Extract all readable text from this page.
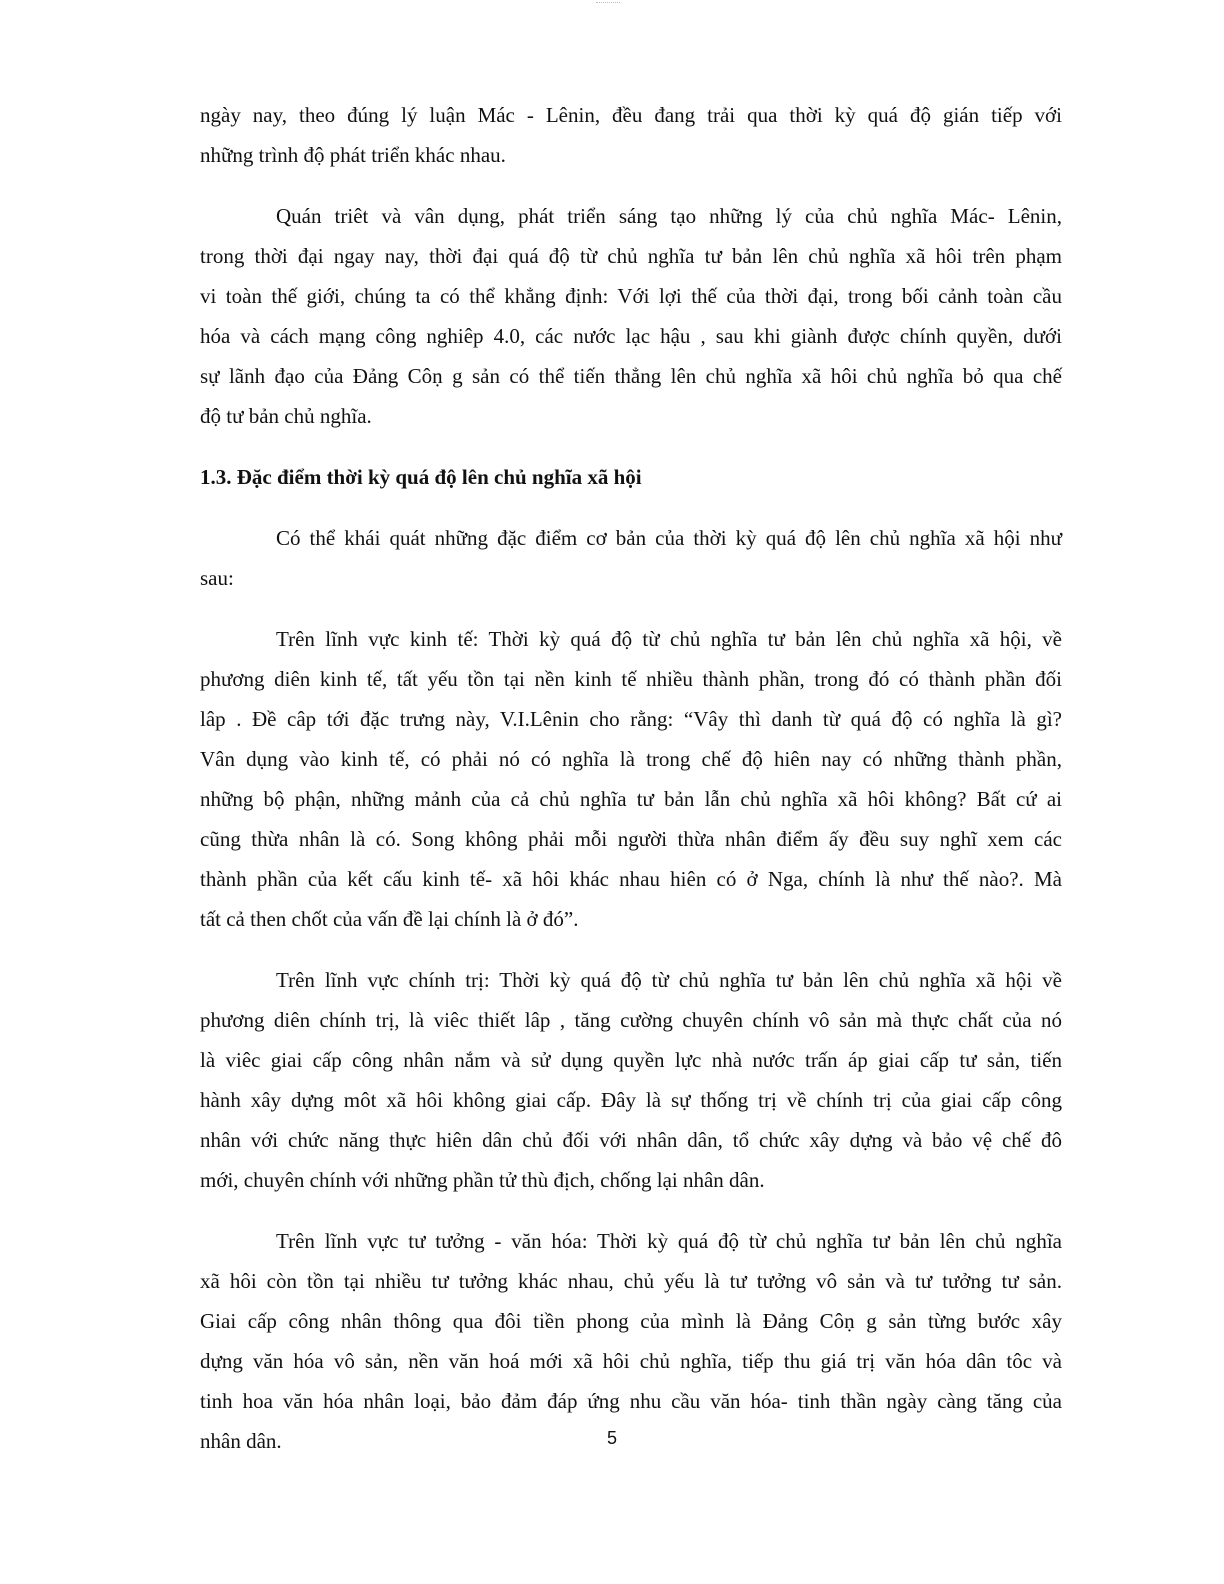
ngày nay, theo đúng lý luận Mác - Lênin, đều đang trải qua thời kỳ quá độ gián tiếp với
những trình độ phát triển khác nhau.
Quán triêt và vân dụng, phát triển sáng tạo những lý của chủ nghĩa Mác- Lênin,
trong thời đại ngay nay, thời đại quá độ từ chủ nghĩa tư bản lên chủ nghĩa xã hôi trên phạm
vi toàn thế giới, chúng ta có thể khẳng định: Với lợi thế của thời đại, trong bối cảnh toàn cầu
hóa và cách mạng công nghiêp 4.0, các nước lạc hậu , sau khi giành được chính quyền, dưới
sự lãnh đạo của Đảng Côṇ g sản có thể tiến thẳng lên chủ nghĩa xã hôi chủ nghĩa bỏ qua chế
độ tư bản chủ nghĩa.
1.3. Đặc điểm thời kỳ quá độ lên chủ nghĩa xã hội
Có thể khái quát những đặc điểm cơ bản của thời kỳ quá độ lên chủ nghĩa xã hội như
sau:
Trên lĩnh vực kinh tế: Thời kỳ quá độ từ chủ nghĩa tư bản lên chủ nghĩa xã hội, về
phương diên kinh tế, tất yếu tồn tại nền kinh tế nhiều thành phần, trong đó có thành phần đối
lâp . Đề câp tới đặc trưng này, V.I.Lênin cho rằng: “Vây thì danh từ quá độ có nghĩa là gì?
Vân dụng vào kinh tế, có phải nó có nghĩa là trong chế độ hiên nay có những thành phần,
những bộ phận, những mảnh của cả chủ nghĩa tư bản lẫn chủ nghĩa xã hôi không? Bất cứ ai
cũng thừa nhân là có. Song không phải mỗi người thừa nhân điểm ấy đều suy nghĩ xem các
thành phần của kết cấu kinh tế- xã hôi khác nhau hiên có ở Nga, chính là như thế nào?. Mà
tất cả then chốt của vấn đề lại chính là ở đó”.
Trên lĩnh vực chính trị: Thời kỳ quá độ từ chủ nghĩa tư bản lên chủ nghĩa xã hội về
phương diên chính trị, là viêc thiết lâp , tăng cường chuyên chính vô sản mà thực chất của nó
là viêc giai cấp công nhân nắm và sử dụng quyền lực nhà nước trấn áp giai cấp tư sản, tiến
hành xây dựng môt xã hôi không giai cấp. Đây là sự thống trị về chính trị của giai cấp công
nhân với chức năng thực hiên dân chủ đối với nhân dân, tổ chức xây dựng và bảo vệ chế đô
mới, chuyên chính với những phần tử thù địch, chống lại nhân dân.
Trên lĩnh vực tư tưởng - văn hóa: Thời kỳ quá độ từ chủ nghĩa tư bản lên chủ nghĩa
xã hôi còn tồn tại nhiều tư tưởng khác nhau, chủ yếu là tư tưởng vô sản và tư tưởng tư sản.
Giai cấp công nhân thông qua đôi tiền phong của mình là Đảng Côṇ g sản từng bước xây
dựng văn hóa vô sản, nền văn hoá mới xã hôi chủ nghĩa, tiếp thu giá trị văn hóa dân tôc và
tinh hoa văn hóa nhân loại, bảo đảm đáp ứng nhu cầu văn hóa- tinh thần ngày càng tăng của
nhân dân.	5
